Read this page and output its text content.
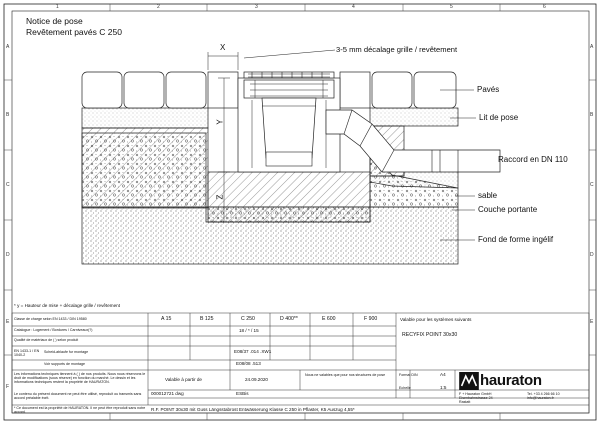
1	2	3	4	5	6
A
B
C
D
E
F
A
B
C
D
E
Notice de pose
Revêtement pavés C 250
X
Y
Z
3-5 mm décalage grille / revêtement
Pavés
Lit de pose
Raccord en DN 110
sable
Couche portante
Fond de forme ingélif
* y = Hauteur de mise + décalage grille / revêtement
Classe de charge selon EN 1433 / DIN 19580	A 15	B 125	C 250	D 400**	E 600	F 900
Catalogue : Logement / Bordures / Carniveaux(?)	18 / * / 15
Qualité de matériaux de ( ) selon produit
EN 1433-1 / EN 1040-2
Scheid-ablaufe fur montage
Voir supports de montage
E08/37 .014 .XW1
E08/08 .513
Les informations techniques tiennent à ( ) de nos produits. Nous nous réservons le droit de modifications (sous réserve) en fonction du marché. Le dessin et les informations techniques restent la propriété de HAURATON.
Le contenu du présent document ne peut être utilisé, reproduit ou transmis sans accord préalable écrit.
Valable à partir de	24.09.2020
Nous ne valables que pour nos structures de pose
Valable pour les systèmes suivants
RECYFIX POINT 30x30
000012721 dwg	ESBis
Format DIN	A4
Echelle	1:5
R.F. POINT 30x30 mit Guss Längsstabrost Entwässerung Klasse C 250 in Pflaster, K5 Auszug 4,55*
* Ce document est la propriété de HAURATON. Il ne peut être reproduit sans notre accord.
hauraton
F + Hauraton GmbH
Eisenbahnstrasse 24
Rastatt
Tel. +33 4 266 66 10
info@hauraton.fr
